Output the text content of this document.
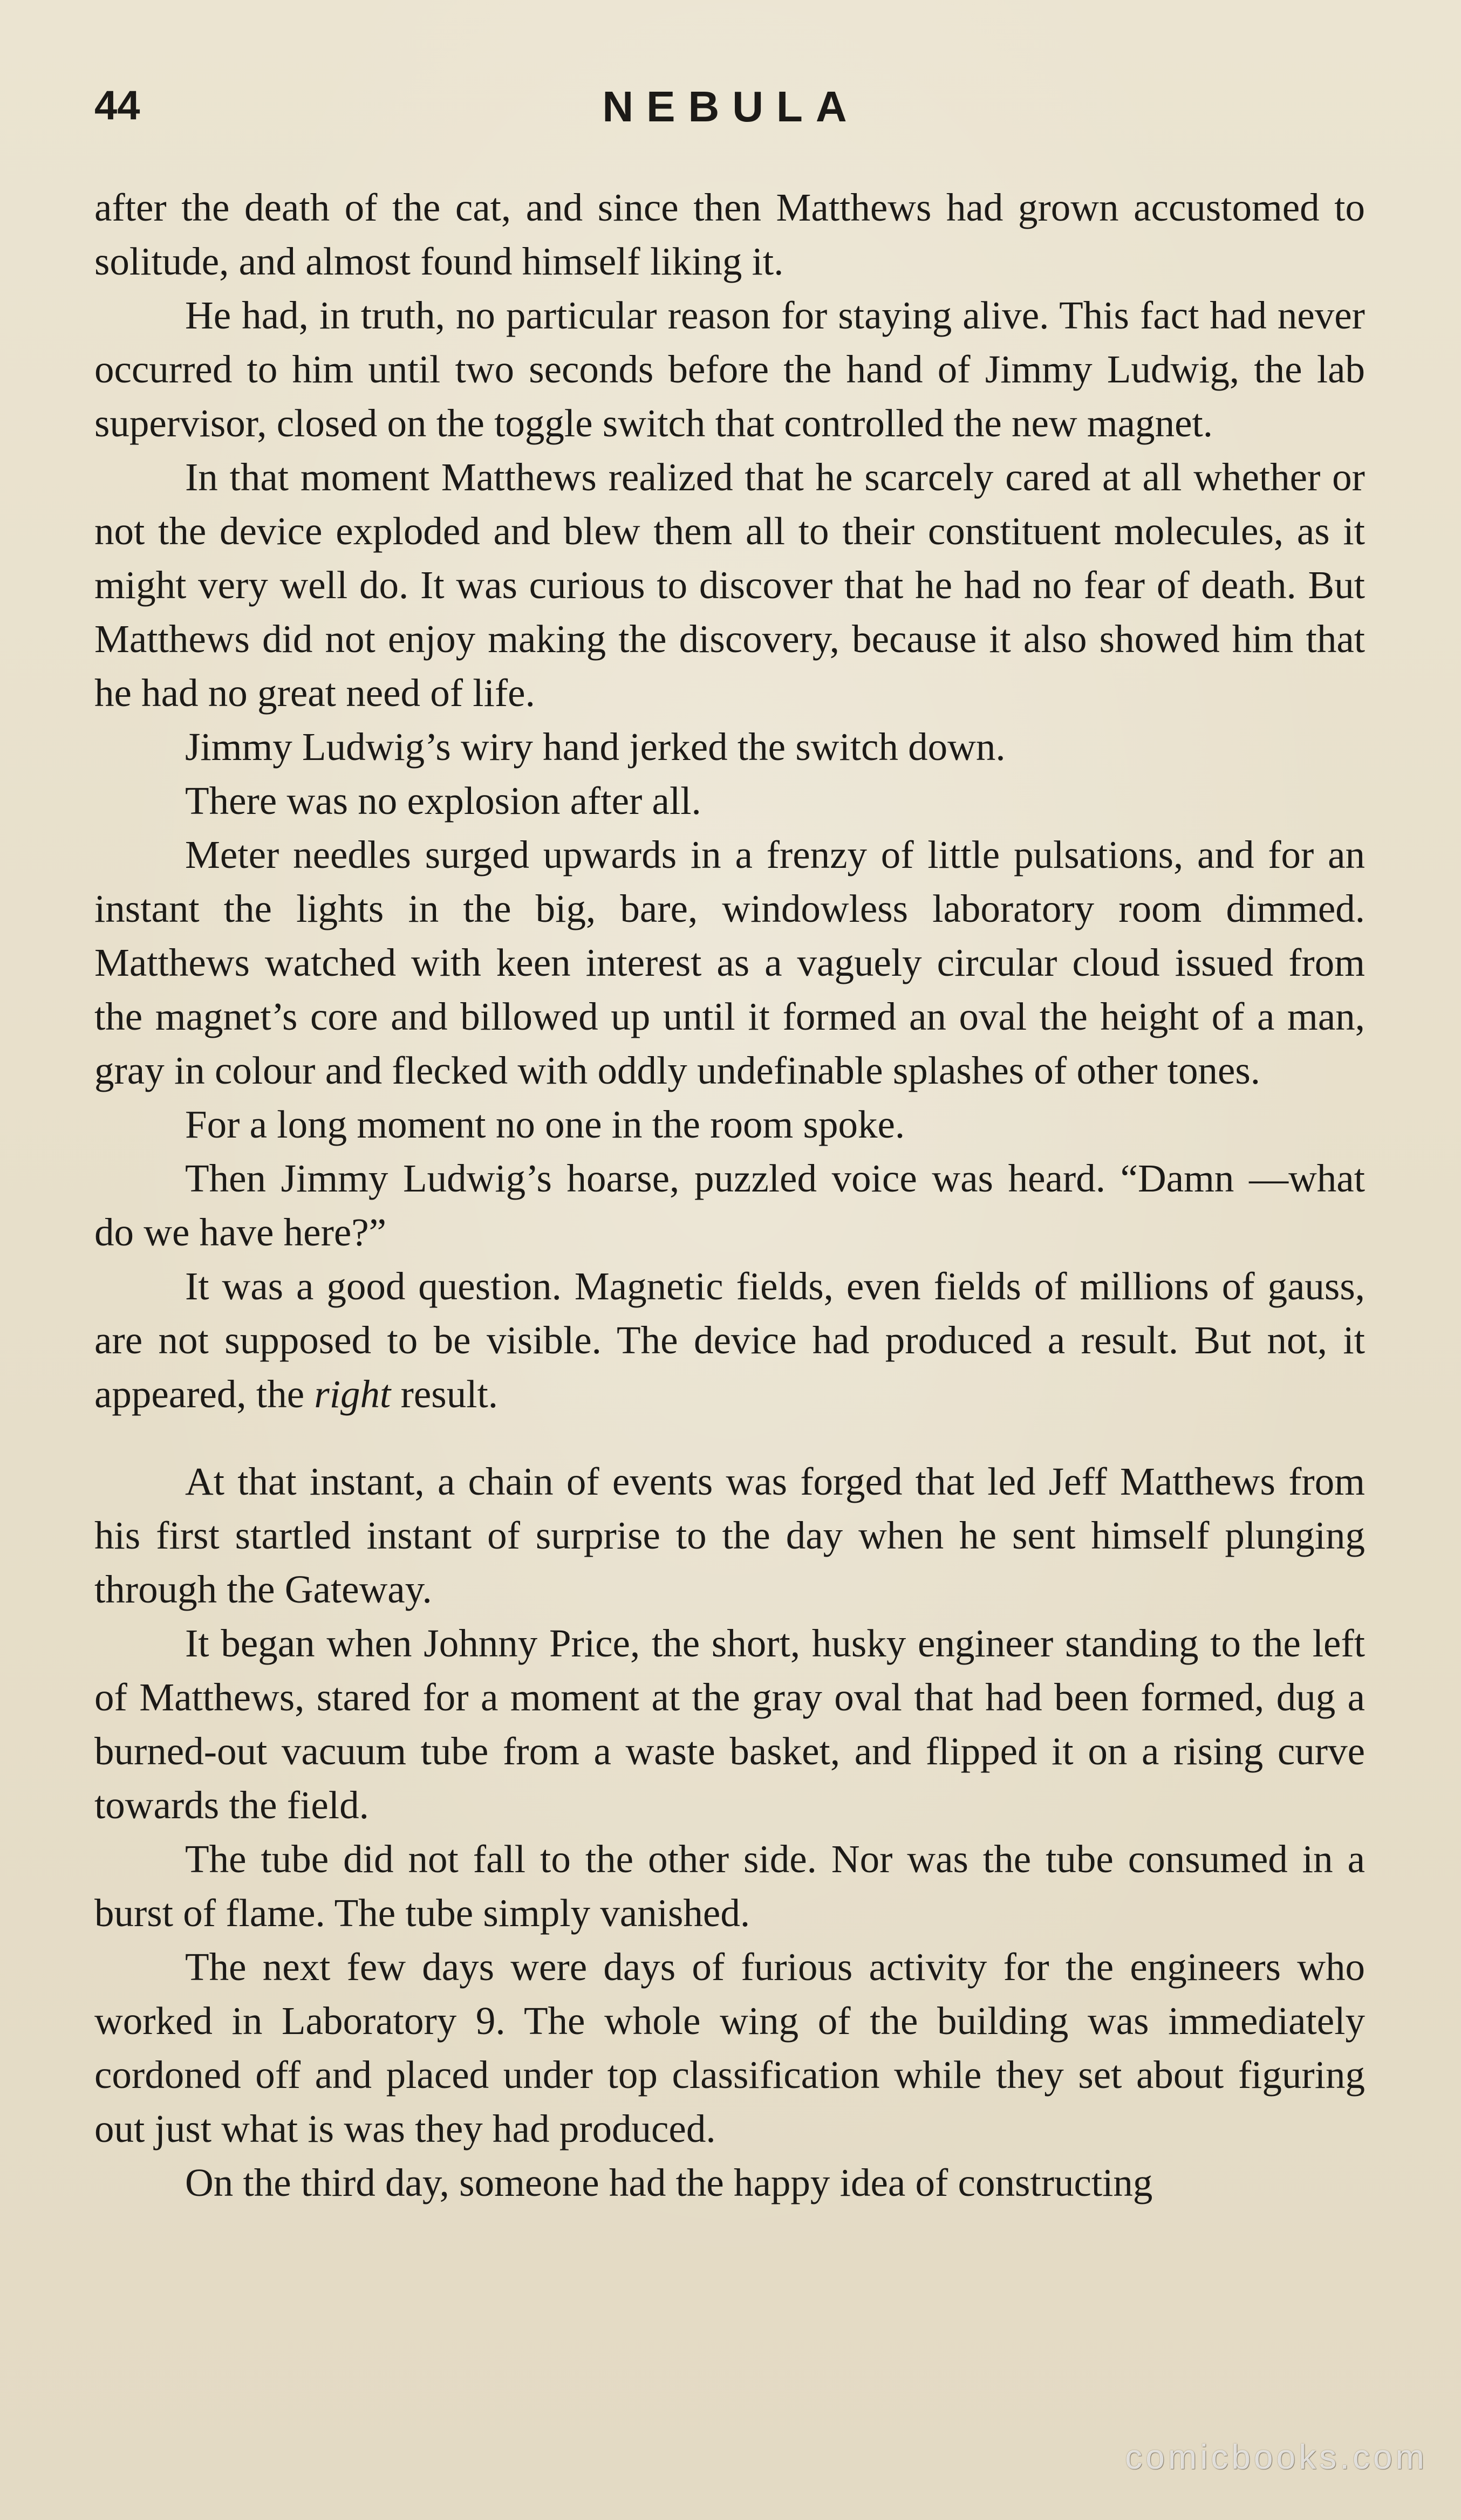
44	NEBULA

after the death of the cat, and since then Matthews had grown accustomed to solitude, and almost found himself liking it.

He had, in truth, no particular reason for staying alive. This fact had never occurred to him until two seconds before the hand of Jimmy Ludwig, the lab supervisor, closed on the toggle switch that controlled the new magnet.

In that moment Matthews realized that he scarcely cared at all whether or not the device exploded and blew them all to their constituent molecules, as it might very well do. It was curious to discover that he had no fear of death. But Matthews did not enjoy making the discovery, because it also showed him that he had no great need of life.

Jimmy Ludwig’s wiry hand jerked the switch down.

There was no explosion after all.

Meter needles surged upwards in a frenzy of little pulsations, and for an instant the lights in the big, bare, windowless laboratory room dimmed. Matthews watched with keen interest as a vaguely circular cloud issued from the magnet’s core and billowed up until it formed an oval the height of a man, gray in colour and flecked with oddly undefinable splashes of other tones.

For a long moment no one in the room spoke.

Then Jimmy Ludwig’s hoarse, puzzled voice was heard. “Damn —what do we have here?”

It was a good question. Magnetic fields, even fields of millions of gauss, are not supposed to be visible. The device had produced a result. But not, it appeared, the right result.

At that instant, a chain of events was forged that led Jeff Matthews from his first startled instant of surprise to the day when he sent himself plunging through the Gateway.

It began when Johnny Price, the short, husky engineer standing to the left of Matthews, stared for a moment at the gray oval that had been formed, dug a burned-out vacuum tube from a waste basket, and flipped it on a rising curve towards the field.

The tube did not fall to the other side. Nor was the tube consumed in a burst of flame. The tube simply vanished.

The next few days were days of furious activity for the engineers who worked in Laboratory 9. The whole wing of the building was immediately cordoned off and placed under top classification while they set about figuring out just what is was they had produced.

On the third day, someone had the happy idea of constructing

comicbooks.com
